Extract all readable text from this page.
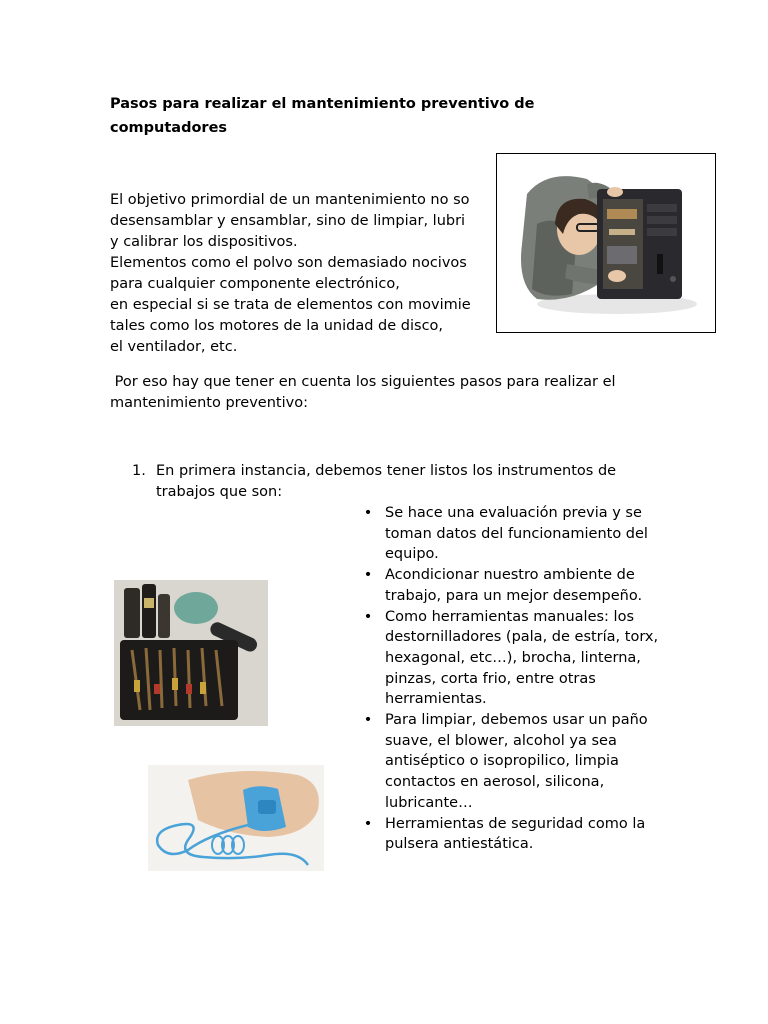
Pasos para realizar el mantenimiento preventivo de
computadores
El objetivo primordial de un mantenimiento no so
desensamblar y ensamblar, sino de limpiar, lubri
y calibrar los dispositivos.
Elementos como el polvo son demasiado nocivos
para cualquier componente electrónico,
en especial si se trata de elementos con movimie
tales como los motores de la unidad de disco,
el ventilador, etc.
Por eso hay que tener en cuenta los siguientes pasos para realizar el
mantenimiento preventivo:
1. En primera instancia, debemos tener listos los instrumentos de trabajos que son:
• Se hace una evaluación previa y se toman datos del funcionamiento del equipo.
• Acondicionar nuestro ambiente de trabajo, para un mejor desempeño.
• Como herramientas manuales: los destornilladores (pala, de estría, torx, hexagonal, etc…), brocha, linterna, pinzas, corta frio, entre otras herramientas.
• Para limpiar, debemos usar un paño suave, el blower, alcohol ya sea antiséptico o isopropilico, limpia contactos en aerosol, silicona, lubricante…
• Herramientas de seguridad como la pulsera antiestática.
